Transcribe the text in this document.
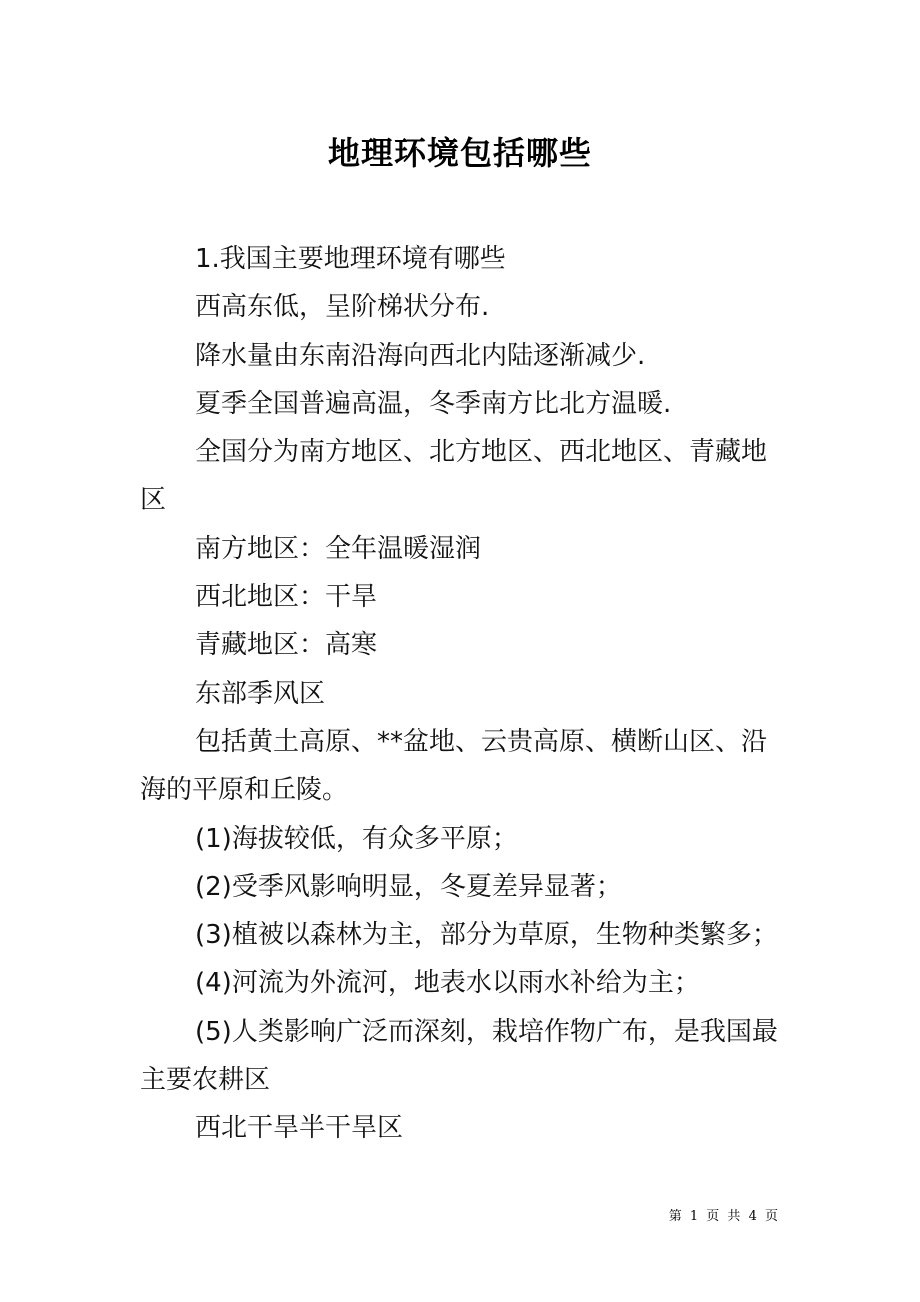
地理环境包括哪些

1.我国主要地理环境有哪些

西高东低，呈阶梯状分布.

降水量由东南沿海向西北内陆逐渐减少.

夏季全国普遍高温，冬季南方比北方温暖.

全国分为南方地区、北方地区、西北地区、青藏地区

南方地区：全年温暖湿润

西北地区：干旱

青藏地区：高寒

东部季风区

包括黄土高原、**盆地、云贵高原、横断山区、沿海的平原和丘陵。

(1)海拔较低，有众多平原；

(2)受季风影响明显，冬夏差异显著；

(3)植被以森林为主，部分为草原，生物种类繁多；

(4)河流为外流河，地表水以雨水补给为主；

(5)人类影响广泛而深刻，栽培作物广布，是我国最主要农耕区

西北干旱半干旱区

第 1 页 共 4 页
